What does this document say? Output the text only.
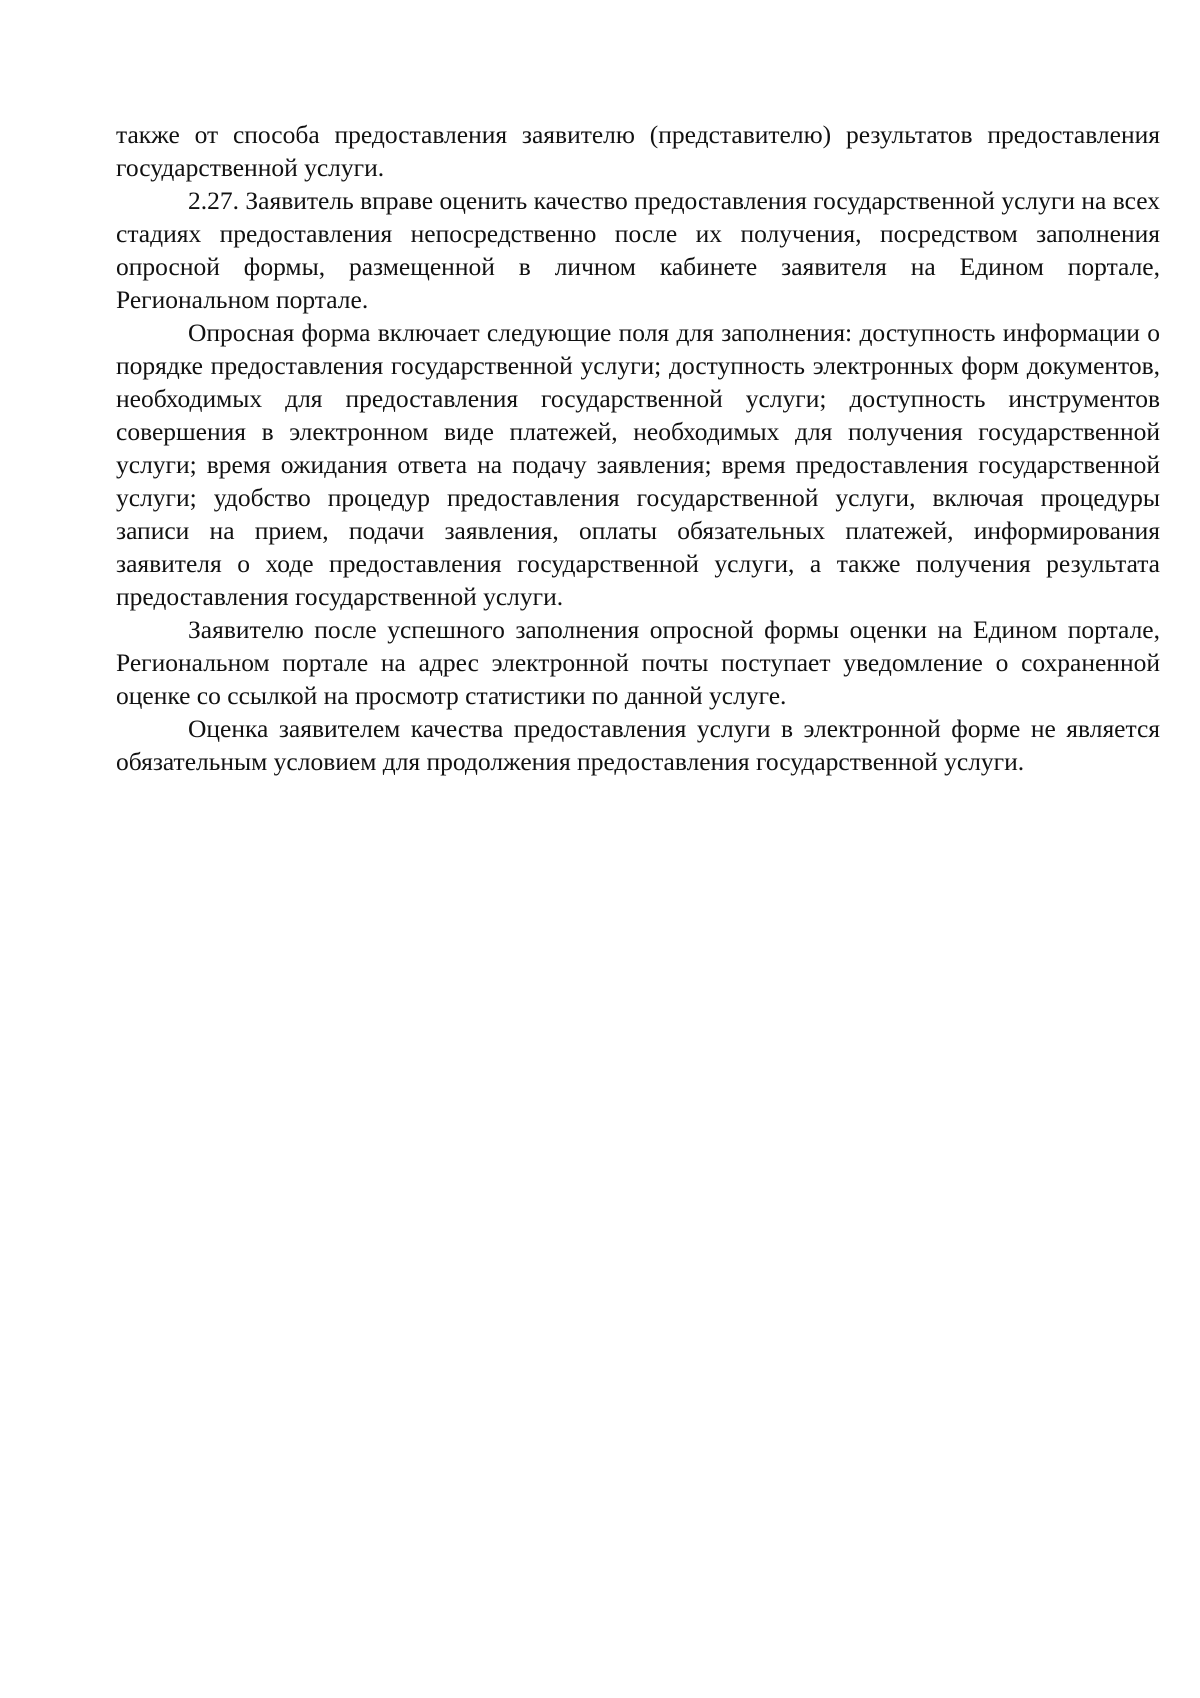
также от способа предоставления заявителю (представителю) результатов предоставления государственной услуги.

2.27. Заявитель вправе оценить качество предоставления государственной услуги на всех стадиях предоставления непосредственно после их получения, посредством заполнения опросной формы, размещенной в личном кабинете заявителя на Едином портале, Региональном портале.

Опросная форма включает следующие поля для заполнения: доступность информации о порядке предоставления государственной услуги; доступность электронных форм документов, необходимых для предоставления государственной услуги; доступность инструментов совершения в электронном виде платежей, необходимых для получения государственной услуги; время ожидания ответа на подачу заявления; время предоставления государственной услуги; удобство процедур предоставления государственной услуги, включая процедуры записи на прием, подачи заявления, оплаты обязательных платежей, информирования заявителя о ходе предоставления государственной услуги, а также получения результата предоставления государственной услуги.

Заявителю после успешного заполнения опросной формы оценки на Едином портале, Региональном портале на адрес электронной почты поступает уведомление о сохраненной оценке со ссылкой на просмотр статистики по данной услуге.

Оценка заявителем качества предоставления услуги в электронной форме не является обязательным условием для продолжения предоставления государственной услуги.
